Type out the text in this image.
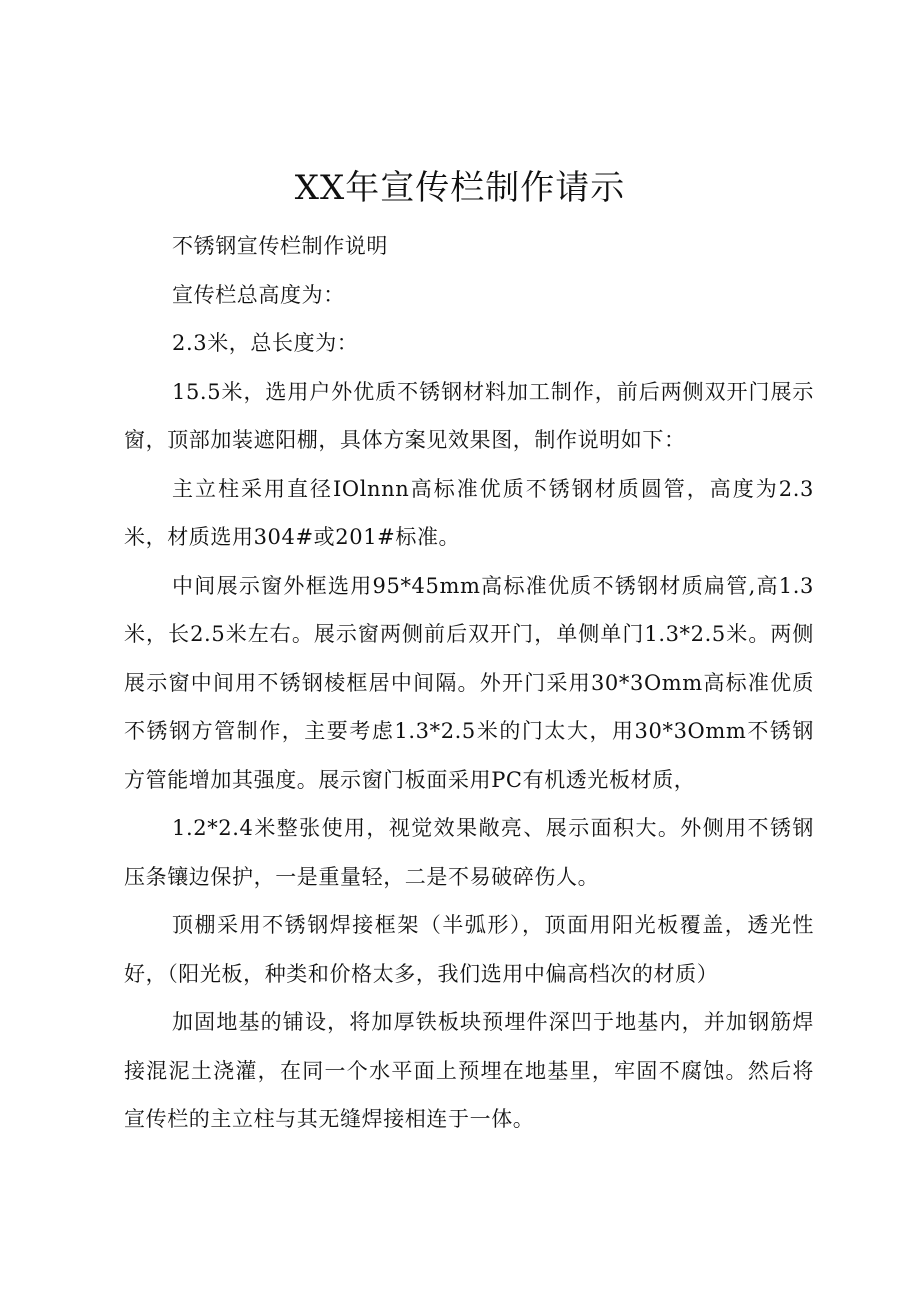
XX年宣传栏制作请示

不锈钢宣传栏制作说明

宣传栏总高度为：

2.3米，总长度为：

15.5米，选用户外优质不锈钢材料加工制作，前后两侧双开门展示窗，顶部加装遮阳棚，具体方案见效果图，制作说明如下：

主立柱采用直径IOlnnn高标准优质不锈钢材质圆管，高度为2.3米，材质选用304#或201#标准。

中间展示窗外框选用95*45mm高标准优质不锈钢材质扁管,高1.3米，长2.5米左右。展示窗两侧前后双开门，单侧单门1.3*2.5米。两侧展示窗中间用不锈钢棱框居中间隔。外开门采用30*3Omm高标准优质不锈钢方管制作，主要考虑1.3*2.5米的门太大，用30*3Omm不锈钢方管能增加其强度。展示窗门板面采用PC有机透光板材质，

1.2*2.4米整张使用，视觉效果敞亮、展示面积大。外侧用不锈钢压条镶边保护，一是重量轻，二是不易破碎伤人。

顶棚采用不锈钢焊接框架（半弧形），顶面用阳光板覆盖，透光性好，（阳光板，种类和价格太多，我们选用中偏高档次的材质）

加固地基的铺设，将加厚铁板块预埋件深凹于地基内，并加钢筋焊接混泥土浇灌，在同一个水平面上预埋在地基里，牢固不腐蚀。然后将宣传栏的主立柱与其无缝焊接相连于一体。
